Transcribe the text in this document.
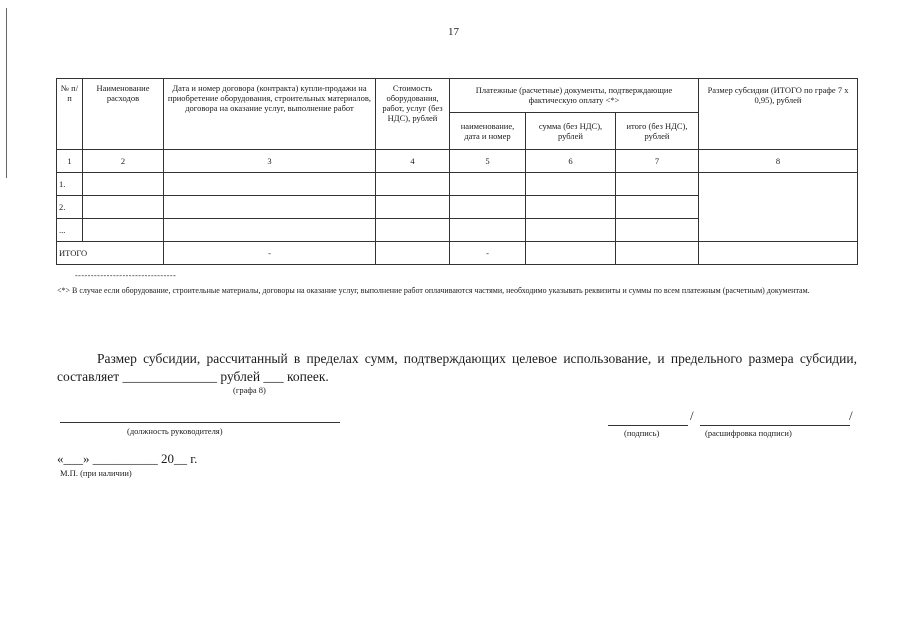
17
№ п/п	Наименование расходов	Дата и номер договора (контракта) купли-продажи на приобретение оборудования, строительных материалов, договора на оказание услуг, выполнение работ	Стоимость оборудования, работ, услуг (без НДС), рублей	Платежные (расчетные) документы, подтверждающие фактическую оплату <*>			Размер субсидии (ИТОГО по графе 7 x 0,95), рублей
				наименование, дата и номер	сумма (без НДС), рублей	итого (без НДС), рублей	
1	2	3	4	5	6	7	8
1.							
2.							
...							
ИТОГО		-		-			
--------------------------------
<*> В случае если оборудование, строительные материалы, договоры на оказание услуг, выполнение работ оплачиваются частями, необходимо указывать реквизиты и суммы по всем платежным (расчетным) документам.
Размер субсидии, рассчитанный в пределах сумм, подтверждающих целевое использование, и предельного размера субсидии, составляет ______________ рублей ___ копеек.
(графа 8)
(должность руководителя)
/	/
(подпись)	(расшифровка подписи)
«___» __________ 20__ г.
М.П. (при наличии)
